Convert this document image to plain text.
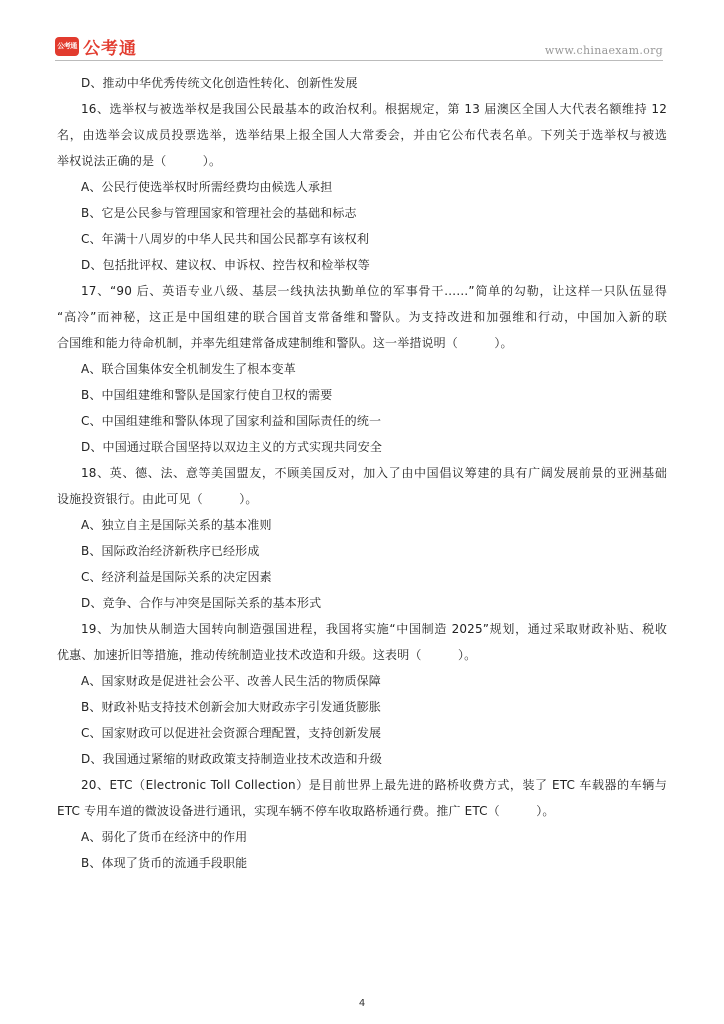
公考通 公考通	www.chinaexam.org
D、推动中华优秀传统文化创造性转化、创新性发展
16、选举权与被选举权是我国公民最基本的政治权利。根据规定，第 13 届澳区全国人大代表名额维持 12
名，由选举会议成员投票选举，选举结果上报全国人大常委会，并由它公布代表名单。下列关于选举权与被选
举权说法正确的是（　　　）。
A、公民行使选举权时所需经费均由候选人承担
B、它是公民参与管理国家和管理社会的基础和标志
C、年满十八周岁的中华人民共和国公民都享有该权利
D、包括批评权、建议权、申诉权、控告权和检举权等
17、“90 后、英语专业八级、基层一线执法执勤单位的军事骨干……”简单的勾勒，让这样一只队伍显得
“高冷”而神秘，这正是中国组建的联合国首支常备维和警队。为支持改进和加强维和行动，中国加入新的联
合国维和能力待命机制，并率先组建常备成建制维和警队。这一举措说明（　　　）。
A、联合国集体安全机制发生了根本变革
B、中国组建维和警队是国家行使自卫权的需要
C、中国组建维和警队体现了国家利益和国际责任的统一
D、中国通过联合国坚持以双边主义的方式实现共同安全
18、英、德、法、意等美国盟友，不顾美国反对，加入了由中国倡议筹建的具有广阔发展前景的亚洲基础
设施投资银行。由此可见（　　　）。
A、独立自主是国际关系的基本准则
B、国际政治经济新秩序已经形成
C、经济利益是国际关系的决定因素
D、竞争、合作与冲突是国际关系的基本形式
19、为加快从制造大国转向制造强国进程，我国将实施“中国制造 2025”规划，通过采取财政补贴、税收
优惠、加速折旧等措施，推动传统制造业技术改造和升级。这表明（　　　）。
A、国家财政是促进社会公平、改善人民生活的物质保障
B、财政补贴支持技术创新会加大财政赤字引发通货膨胀
C、国家财政可以促进社会资源合理配置，支持创新发展
D、我国通过紧缩的财政政策支持制造业技术改造和升级
20、ETC（Electronic Toll Collection）是目前世界上最先进的路桥收费方式，装了 ETC 车载器的车辆与
ETC 专用车道的微波设备进行通讯，实现车辆不停车收取路桥通行费。推广 ETC（　　　）。
A、弱化了货币在经济中的作用
B、体现了货币的流通手段职能
4
